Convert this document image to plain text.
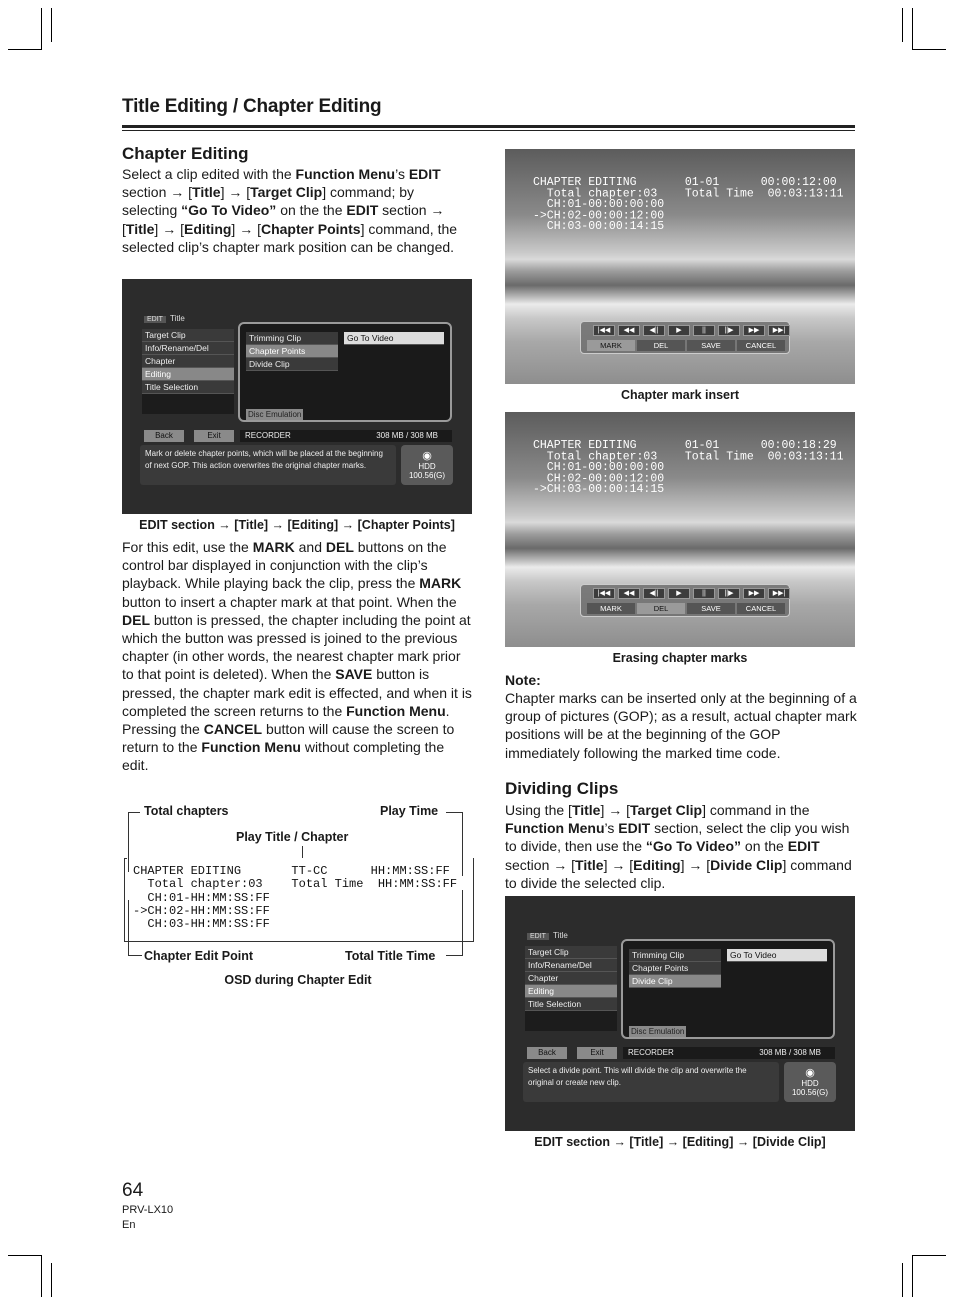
Title Editing / Chapter Editing
Chapter Editing
Select a clip edited with the Function Menu’s EDIT section → [Title] → [Target Clip] command; by selecting “Go To Video” on the the EDIT section → [Title] → [Editing] → [Chapter Points] command, the selected clip’s chapter mark position can be changed.
EDIT Title
Target Clip
Info/Rename/Del
Chapter
Editing
Title Selection
Trimming Clip
Chapter Points
Divide Clip
Go To Video
Disc Emulation
Back	Exit	RECORDER	308 MB / 308 MB
Mark or delete chapter points, which will be placed at the beginning of next GOP. This action overwrites the original chapter marks.
◉
HDD
100.56(G)
EDIT section → [Title] → [Editing] → [Chapter Points]
For this edit, use the MARK and DEL buttons on the control bar displayed in conjunction with the clip’s playback. While playing back the clip, press the MARK button to insert a chapter mark at that point. When the DEL button is pressed, the chapter including the point at which the button was pressed is joined to the previous chapter (in other words, the nearest chapter mark prior to that point is deleted). When the SAVE button is pressed, the chapter mark edit is effected, and when it is completed the screen returns to the Function Menu. Pressing the CANCEL button will cause the screen to return to the Function Menu without completing the edit.
Total chapters	Play Time
Play Title / Chapter
CHAPTER EDITING       TT-CC      HH:MM:SS:FF
Total chapter:03    Total Time  HH:MM:SS:FF
CH:01-HH:MM:SS:FF
->CH:02-HH:MM:SS:FF
CH:03-HH:MM:SS:FF
Chapter Edit Point	Total Title Time
OSD during Chapter Edit
CHAPTER EDITING       01-01      00:00:12:00
Total chapter:03    Total Time  00:03:13:11
CH:01-00:00:00:00
->CH:02-00:00:12:00
CH:03-00:00:14:15
|◀◀	◀◀	◀||	▶	||	||▶	▶▶	▶▶|
MARK	DEL	SAVE	CANCEL
Chapter mark insert
CHAPTER EDITING       01-01      00:00:18:29
Total chapter:03    Total Time  00:03:13:11
CH:01-00:00:00:00
CH:02-00:00:12:00
->CH:03-00:00:14:15
|◀◀	◀◀	◀||	▶	||	||▶	▶▶	▶▶|
MARK	DEL	SAVE	CANCEL
Erasing chapter marks
Note:
Chapter marks can be inserted only at the beginning of a group of pictures (GOP); as a result, actual chapter mark positions will be at the beginning of the GOP immediately following the marked time code.
Dividing Clips
Using the [Title] → [Target Clip] command in the Function Menu’s EDIT section, select the clip you wish to divide, then use the “Go To Video” on the EDIT section → [Title] → [Editing] → [Divide Clip] command to divide the selected clip.
EDIT Title
Target Clip
Info/Rename/Del
Chapter
Editing
Title Selection
Trimming Clip
Chapter Points
Divide Clip
Go To Video
Disc Emulation
Back	Exit	RECORDER	308 MB / 308 MB
Select a divide point. This will divide the clip and overwrite the original or create new clip.
◉
HDD
100.56(G)
EDIT section → [Title] → [Editing] → [Divide Clip]
64
PRV-LX10
En
